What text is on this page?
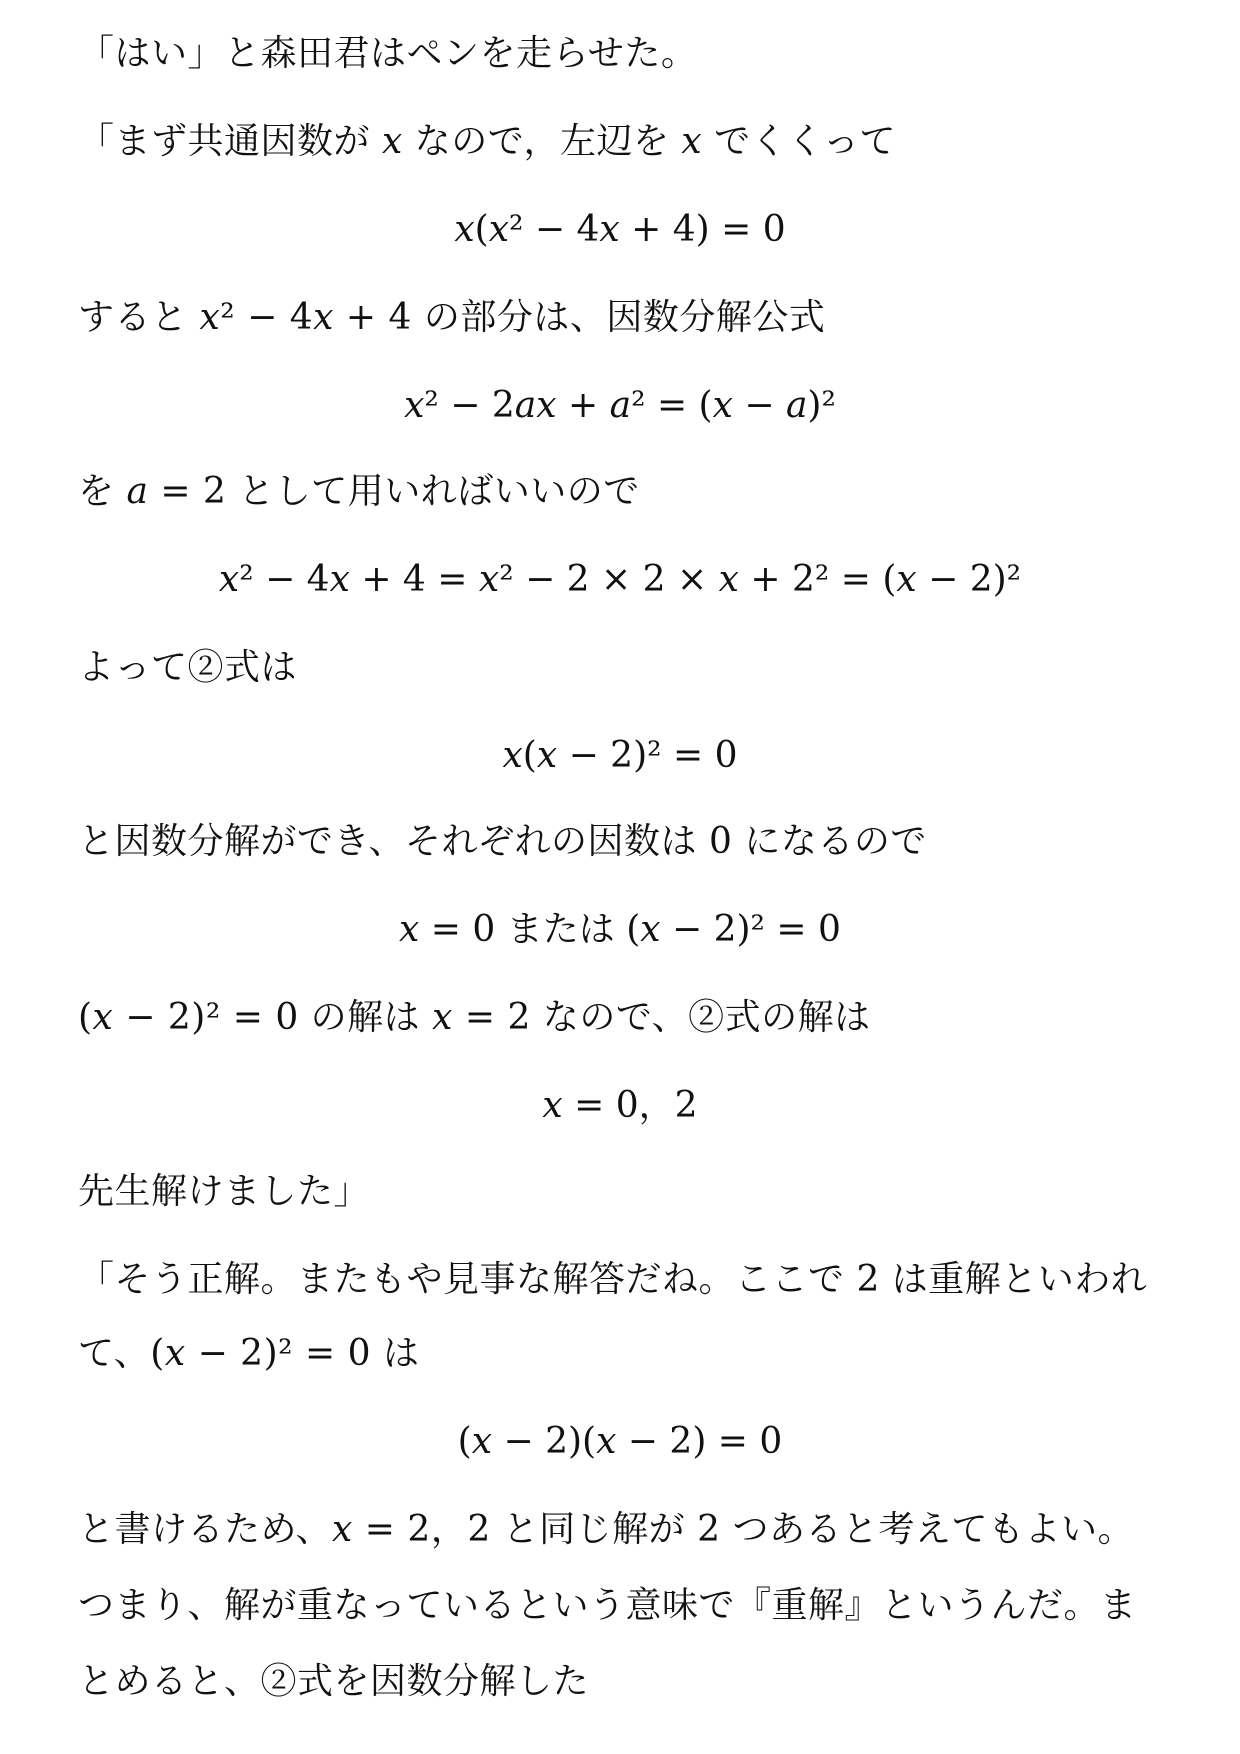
「はい」と森田君はペンを走らせた。
「まず共通因数が 𝑥 なので，左辺を 𝑥 でくくって
𝑥(𝑥² − 4𝑥 + 4) = 0
すると 𝑥² − 4𝑥 + 4 の部分は、因数分解公式
𝑥² − 2𝑎𝑥 + 𝑎² = (𝑥 − 𝑎)²
を 𝑎 = 2 として用いればいいので
𝑥² − 4𝑥 + 4 = 𝑥² − 2 × 2 × 𝑥 + 2² = (𝑥 − 2)²
よって②式は
𝑥(𝑥 − 2)² = 0
と因数分解ができ、それぞれの因数は 0 になるので
𝑥 = 0 または (𝑥 − 2)² = 0
(𝑥 − 2)² = 0 の解は 𝑥 = 2 なので、②式の解は
𝑥 = 0，2
先生解けました」
「そう正解。またもや見事な解答だね。ここで 2 は重解といわれ
て、(𝑥 − 2)² = 0 は
(𝑥 − 2)(𝑥 − 2) = 0
と書けるため、𝑥 = 2，2 と同じ解が 2 つあると考えてもよい。
つまり、解が重なっているという意味で『重解』というんだ。ま
とめると、②式を因数分解した
